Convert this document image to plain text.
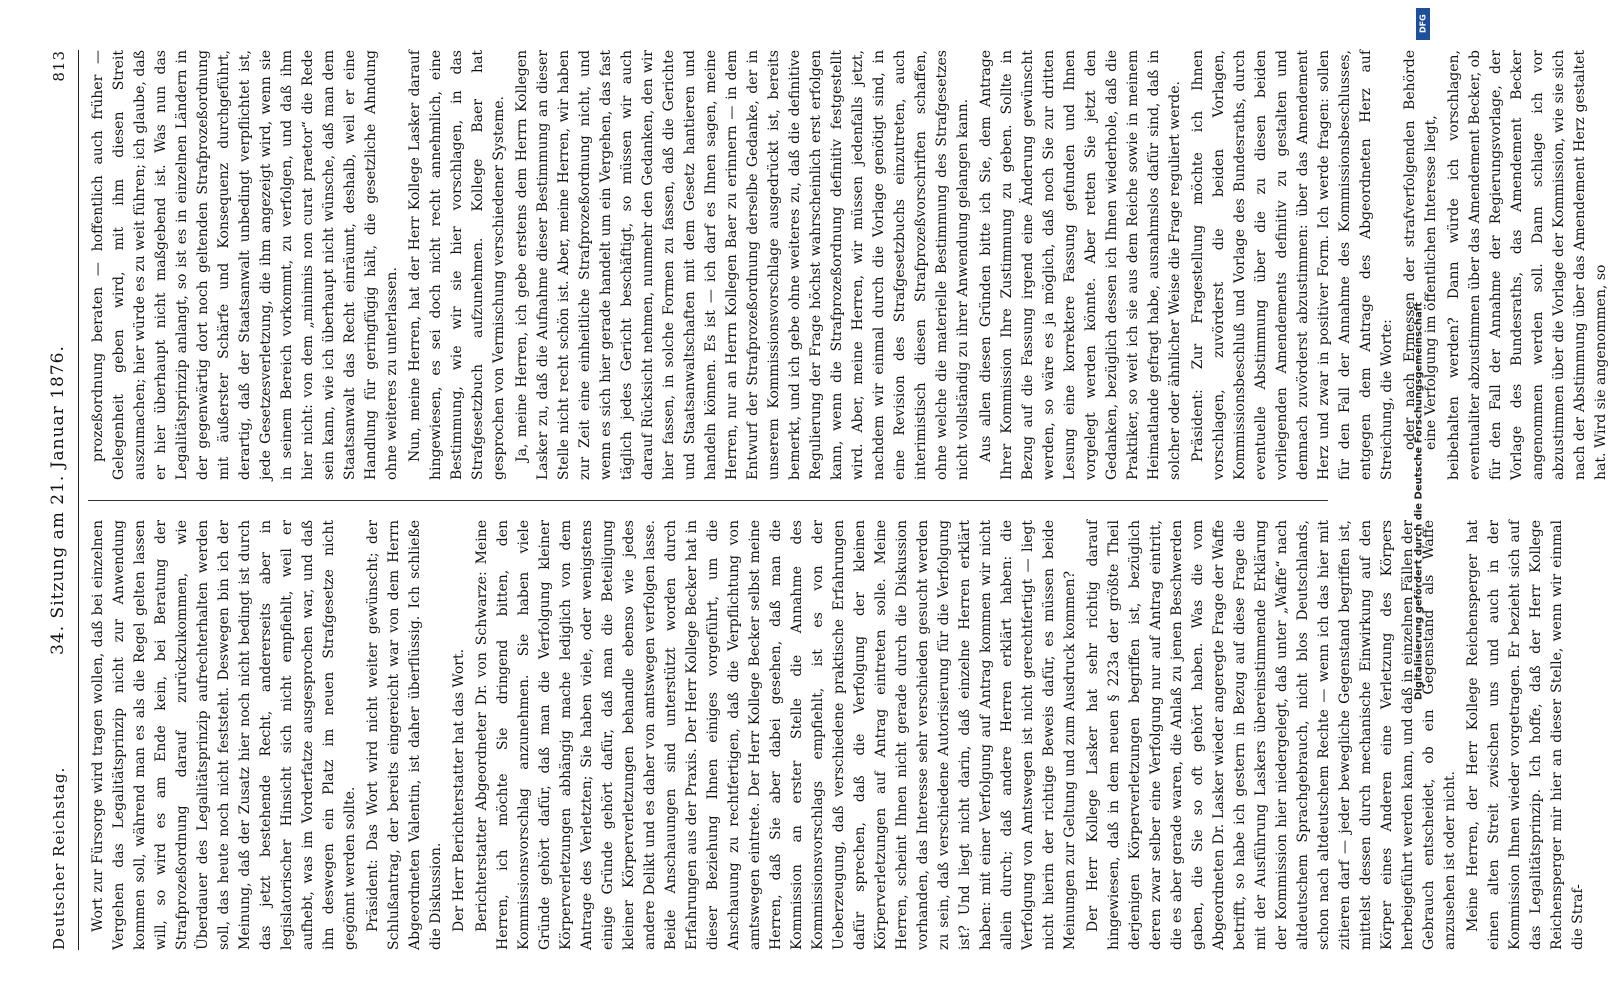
Deutscher Reichstag.
34. Sitzung am 21. Januar 1876.
813

Wort zur Fürsorge wird tragen wollen, daß bei einzelnen Vergehen das Legalitätsprinzip nicht zur Anwendung kommen soll, während man es als die Regel gelten lassen will, so wird es am Ende kein, bei Beratung der Strafprozeßordnung darauf zurückzukommen, wie Überdauer des Legalitätsprinzip aufrechterhalten werden soll, das heute noch nicht feststeht. Deswegen bin ich der Meinung, daß der Zusatz hier noch nicht bedingt ist durch das jetzt bestehende Recht, andererseits aber in legislatorischer Hinsicht sich nicht empfiehlt, weil er aufhebt, was im Vorderfatze ausgesprochen war, und daß ihn deswegen ein Platz im neuen Strafgesetze nicht gegönnt werden sollte. Präsident: Das Wort wird nicht weiter gewünscht; der Schlußantrag, der bereits eingereicht war von dem Herrn Abgeordneten Valentin, ist daher überflüssig. Ich schließe die Diskussion. Der Herr Berichterstatter hat das Wort. Berichterstatter Abgeordneter Dr. von Schwarze: Meine Herren, ich möchte Sie dringend bitten, den Kommissionsvorschlag anzunehmen. Sie haben viele Gründe gehört dafür, daß man die Verfolgung kleiner Körperverletzungen abhängig mache lediglich von dem Antrage des Verletzten; Sie haben viele, oder wenigstens einige Gründe gehört dafür, daß man die Beteiligung kleiner Körperverletzungen behandle ebenso wie jedes andere Delikt und es daher von amtswegen verfolgen lasse. Beide Anschauungen sind unterstützt worden durch Erfahrungen aus der Praxis. Der Herr Kollege Becker hat in dieser Beziehung Ihnen einiges vorgeführt, um die Anschauung zu rechtfertigen, daß die Verpflichtung von amtswegen eintrete. Der Herr Kollege Becker selbst meine Herren, daß Sie aber dabei gesehen, daß man die Kommission an erster Stelle die Annahme des Kommissionsvorschlags empfiehlt, ist es von der Ueberzeugung, daß verschiedene praktische Erfahrungen dafür sprechen, daß die Verfolgung der kleinen Körperverletzungen auf Antrag eintreten solle. Meine Herren, scheint Ihnen nicht gerade durch die Diskussion vorhanden, das Interesse sehr verschieden gesucht werden zu sein, daß verschiedene Autorisierung für die Verfolgung ist? Und liegt nicht darin, daß einzelne Herren erklärt haben: mit einer Verfolgung auf Antrag kommen wir nicht allein durch; daß andere Herren erklärt haben: die Verfolgung von Amtswegen ist nicht gerechtfertigt — liegt nicht hierin der richtige Beweis dafür, es müssen beide Meinungen zur Geltung und zum Ausdruck kommen? Der Herr Kollege Lasker hat sehr richtig darauf hingewiesen, daß in dem neuen § 223a der größte Theil derjenigen Körperverletzungen begriffen ist, bezüglich deren zwar selber eine Verfolgung nur auf Antrag eintritt, die es aber gerade waren, die Anlaß zu jenen Beschwerden gaben, die Sie so oft gehört haben. Was die vom Abgeordneten Dr. Lasker wieder angeregte Frage der Waffe betrifft, so habe ich gestern in Bezug auf diese Frage die mit der Ausführung Laskers übereinstimmende Erklärung der Kommission hier niedergelegt, daß unter „Waffe“ nach altdeutschem Sprachgebrauch, nicht blos Deutschlands, schon nach altdeutschem Rechte — wenn ich das hier mit zitieren darf — jeder bewegliche Gegenstand begriffen ist, mittelst dessen durch mechanische Einwirkung auf den Körper eines Anderen eine Verletzung des Körpers herbeigeführt werden kann, und daß in einzelnen Fällen der Gebrauch entscheidet, ob ein Gegenstand als Waffe anzusehen ist oder nicht. Meine Herren, der Herr Kollege Reichensperger hat einen alten Streit zwischen uns und auch in der Kommission Ihnen wieder vorgetragen. Er bezieht sich auf das Legalitätsprinzip. Ich hoffe, daß der Herr Kollege Reichensperger mir hier an dieser Stelle, wenn wir einmal die Straf-

prozeßordnung beraten — hoffentlich auch früher — Gelegenheit geben wird, mit ihm diesen Streit auszumachen; hier würde es zu weit führen; ich glaube, daß er hier überhaupt nicht maßgebend ist. Was nun das Legalitätsprinzip anlangt, so ist es in einzelnen Ländern in der gegenwärtig dort noch geltenden Strafprozeßordnung mit äußerster Schärfe und Konsequenz durchgeführt, derartig, daß der Staatsanwalt unbedingt verpflichtet ist, jede Gesetzesverletzung, die ihm angezeigt wird, wenn sie in seinem Bereich vorkommt, zu verfolgen, und daß ihm hier nicht: von dem „minimis non curat praetor“ die Rede sein kann, wie ich überhaupt nicht wünsche, daß man dem Staatsanwalt das Recht einräumt, deshalb, weil er eine Handlung für geringfügig hält, die gesetzliche Ahndung ohne weiteres zu unterlassen. Nun, meine Herren, hat der Herr Kollege Lasker darauf hingewiesen, es sei doch nicht recht annehmlich, eine Bestimmung, wie wir sie hier vorschlagen, in das Strafgesetzbuch aufzunehmen. Kollege Baer hat gesprochen von Vermischung verschiedener Systeme. Ja, meine Herren, ich gebe erstens dem Herrn Kollegen Lasker zu, daß die Aufnahme dieser Bestimmung an dieser Stelle nicht recht schön ist. Aber, meine Herren, wir haben zur Zeit eine einheitliche Strafprozeßordnung nicht, und wenn es sich hier gerade handelt um ein Vergehen, das fast täglich jedes Gericht beschäftigt, so müssen wir auch darauf Rücksicht nehmen, nunmehr den Gedanken, den wir hier fassen, in solche Formen zu fassen, daß die Gerichte und Staatsanwaltschaften mit dem Gesetz hantieren und handeln können. Es ist — ich darf es Ihnen sagen, meine Herren, nur an Herrn Kollegen Baer zu erinnern — in dem Entwurf der Strafprozeßordnung derselbe Gedanke, der in unserem Kommissionsvorschlage ausgedrückt ist, bereits bemerkt, und ich gebe ohne weiteres zu, daß die definitive Regulierung der Frage höchst wahrscheinlich erst erfolgen kann, wenn die Strafprozeßordnung definitiv festgestellt wird. Aber, meine Herren, wir müssen jedenfalls jetzt, nachdem wir einmal durch die Vorlage genötigt sind, in eine Revision des Strafgesetzbuchs einzutreten, auch interimistisch diesen Strafprozeßvorschriften schaffen, ohne welche die materielle Bestimmung des Strafgesetzes nicht vollständig zu ihrer Anwendung gelangen kann. Aus allen diesen Gründen bitte ich Sie, dem Antrage Ihrer Kommission Ihre Zustimmung zu geben. Sollte in Bezug auf die Fassung irgend eine Änderung gewünscht werden, so wäre es ja möglich, daß noch Sie zur dritten Lesung eine korrektere Fassung gefunden und Ihnen vorgelegt werden könnte. Aber retten Sie jetzt den Gedanken, bezüglich dessen ich Ihnen wiederhole, daß die Praktiker, so weit ich sie aus dem Reiche sowie in meinem Heimatlande gefragt habe, ausnahmslos dafür sind, daß in solcher oder ähnlicher Weise die Frage reguliert werde. Präsident: Zur Fragestellung möchte ich Ihnen vorschlagen, zuvörderst die beiden Vorlagen, Kommissionsbeschluß und Vorlage des Bundesraths, durch eventuelle Abstimmung über die zu diesen beiden vorliegenden Amendements definitiv zu gestalten und demnach zuvörderst abzustimmen: über das Amendement Herz und zwar in positiver Form. Ich werde fragen: sollen für den Fall der Annahme des Kommissionsbeschlusses, entgegen dem Antrage des Abgeordneten Herz auf Streichung, die Worte: oder nach Ermessen der strafverfolgenden Behörde eine Verfolgung im öffentlichen Interesse liegt, beibehalten werden? Dann würde ich vorschlagen, eventualiter abzustimmen über das Amendement Becker, ob für den Fall der Annahme der Regierungsvorlage, der Vorlage des Bundesraths, das Amendement Becker angenommen werden soll. Dann schlage ich vor abzustimmen über die Vorlage der Kommission, wie sie sich nach der Abstimmung über das Amendement Herz gestaltet hat. Wird sie angenommen, so

Digitalisierung gefördert durch die Deutsche Forschungsgemeinschaft
DFG
